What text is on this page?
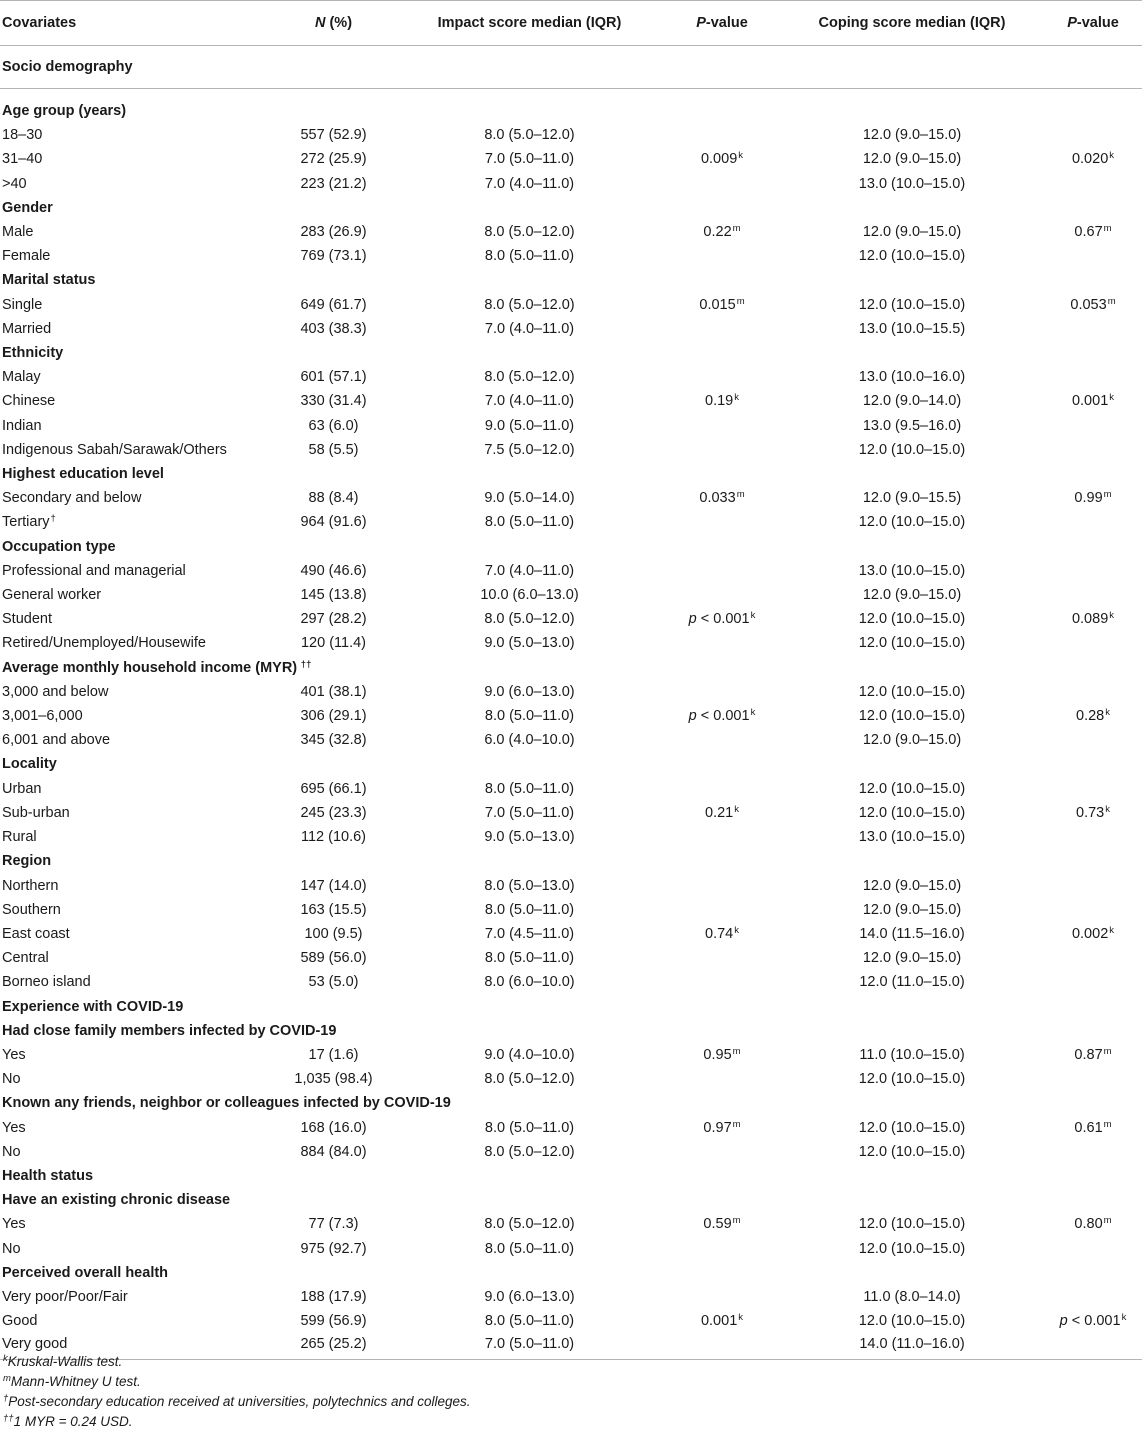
Covariates	N (%)	Impact score median (IQR)	P-value	Coping score median (IQR)	P-value
Socio demography					

Age group (years)					
18–30	557 (52.9)	8.0 (5.0–12.0)		12.0 (9.0–15.0)	
31–40	272 (25.9)	7.0 (5.0–11.0)	0.009$^k$	12.0 (9.0–15.0)	$0.020^k$
>40	223 (21.2)	7.0 (4.0–11.0)		13.0 (10.0–15.0)	
Gender					
Male	283 (26.9)	8.0 (5.0–12.0)	0.22$^m$	12.0 (9.0–15.0)	0.67$^m$
Female	769 (73.1)	8.0 (5.0–11.0)		12.0 (10.0–15.0)	
Marital status					
Single	649 (61.7)	8.0 (5.0–12.0)	0.015$^m$	12.0 (10.0–15.0)	0.053$^m$
Married	403 (38.3)	7.0 (4.0–11.0)		13.0 (10.0–15.5)	
Ethnicity					
Malay	601 (57.1)	8.0 (5.0–12.0)		13.0 (10.0–16.0)	
Chinese	330 (31.4)	7.0 (4.0–11.0)	0.19$^k$	12.0 (9.0–14.0)	0.001$^k$
Indian	63 (6.0)	9.0 (5.0–11.0)		13.0 (9.5–16.0)	
Indigenous Sabah/Sarawak/Others	58 (5.5)	7.5 (5.0–12.0)		12.0 (10.0–15.0)	
Highest education level					
Secondary and below	88 (8.4)	9.0 (5.0–14.0)	0.033$^m$	12.0 (9.0–15.5)	0.99$^m$
Tertiary†	964 (91.6)	8.0 (5.0–11.0)		12.0 (10.0–15.0)	
Occupation type					
Professional and managerial	490 (46.6)	7.0 (4.0–11.0)		13.0 (10.0–15.0)	
General worker	145 (13.8)	10.0 (6.0–13.0)		12.0 (9.0–15.0)	
Student	297 (28.2)	8.0 (5.0–12.0)	$p < 0.001^k$	12.0 (10.0–15.0)	0.089$^k$
Retired/Unemployed/Housewife	120 (11.4)	9.0 (5.0–13.0)		12.0 (10.0–15.0)	
Average monthly household income (MYR) ††
3,000 and below	401 (38.1)	9.0 (6.0–13.0)		12.0 (10.0–15.0)	
3,001–6,000	306 (29.1)	8.0 (5.0–11.0)	$p < 0.001^k$	12.0 (10.0–15.0)	0.28$^k$
6,001 and above	345 (32.8)	6.0 (4.0–10.0)		12.0 (9.0–15.0)	
Locality					
Urban	695 (66.1)	8.0 (5.0–11.0)		12.0 (10.0–15.0)	
Sub-urban	245 (23.3)	7.0 (5.0–11.0)	0.21$^k$	12.0 (10.0–15.0)	0.73$^k$
Rural	112 (10.6)	9.0 (5.0–13.0)		13.0 (10.0–15.0)	
Region					
Northern	147 (14.0)	8.0 (5.0–13.0)		12.0 (9.0–15.0)	
Southern	163 (15.5)	8.0 (5.0–11.0)		12.0 (9.0–15.0)	
East coast	100 (9.5)	7.0 (4.5–11.0)	0.74$^k$	14.0 (11.5–16.0)	0.002$^k$
Central	589 (56.0)	8.0 (5.0–11.0)		12.0 (9.0–15.0)	
Borneo island	53 (5.0)	8.0 (6.0–10.0)		12.0 (11.0–15.0)	
Experience with COVID-19					
Had close family members infected by COVID-19					
Yes	17 (1.6)	9.0 (4.0–10.0)	0.95$^m$	11.0 (10.0–15.0)	0.87$^m$
No	1,035 (98.4)	8.0 (5.0–12.0)		12.0 (10.0–15.0)	
Known any friends, neighbor or colleagues infected by COVID-19					
Yes	168 (16.0)	8.0 (5.0–11.0)	0.97$^m$	12.0 (10.0–15.0)	0.61$^m$
No	884 (84.0)	8.0 (5.0–12.0)		12.0 (10.0–15.0)	
Health status					
Have an existing chronic disease					
Yes	77 (7.3)	8.0 (5.0–12.0)	0.59$^m$	12.0 (10.0–15.0)	0.80$^m$
No	975 (92.7)	8.0 (5.0–11.0)		12.0 (10.0–15.0)	
Perceived overall health					
Very poor/Poor/Fair	188 (17.9)	9.0 (6.0–13.0)		11.0 (8.0–14.0)	
Good	599 (56.9)	8.0 (5.0–11.0)	0.001$^k$	12.0 (10.0–15.0)	$p < 0.001^k$
Very good	265 (25.2)	7.0 (5.0–11.0)		14.0 (11.0–16.0)	
$^k$Kruskal-Wallis test.
$^m$Mann-Whitney U test.
†Post-secondary education received at universities, polytechnics and colleges.
††1 MYR = 0.24 USD.
